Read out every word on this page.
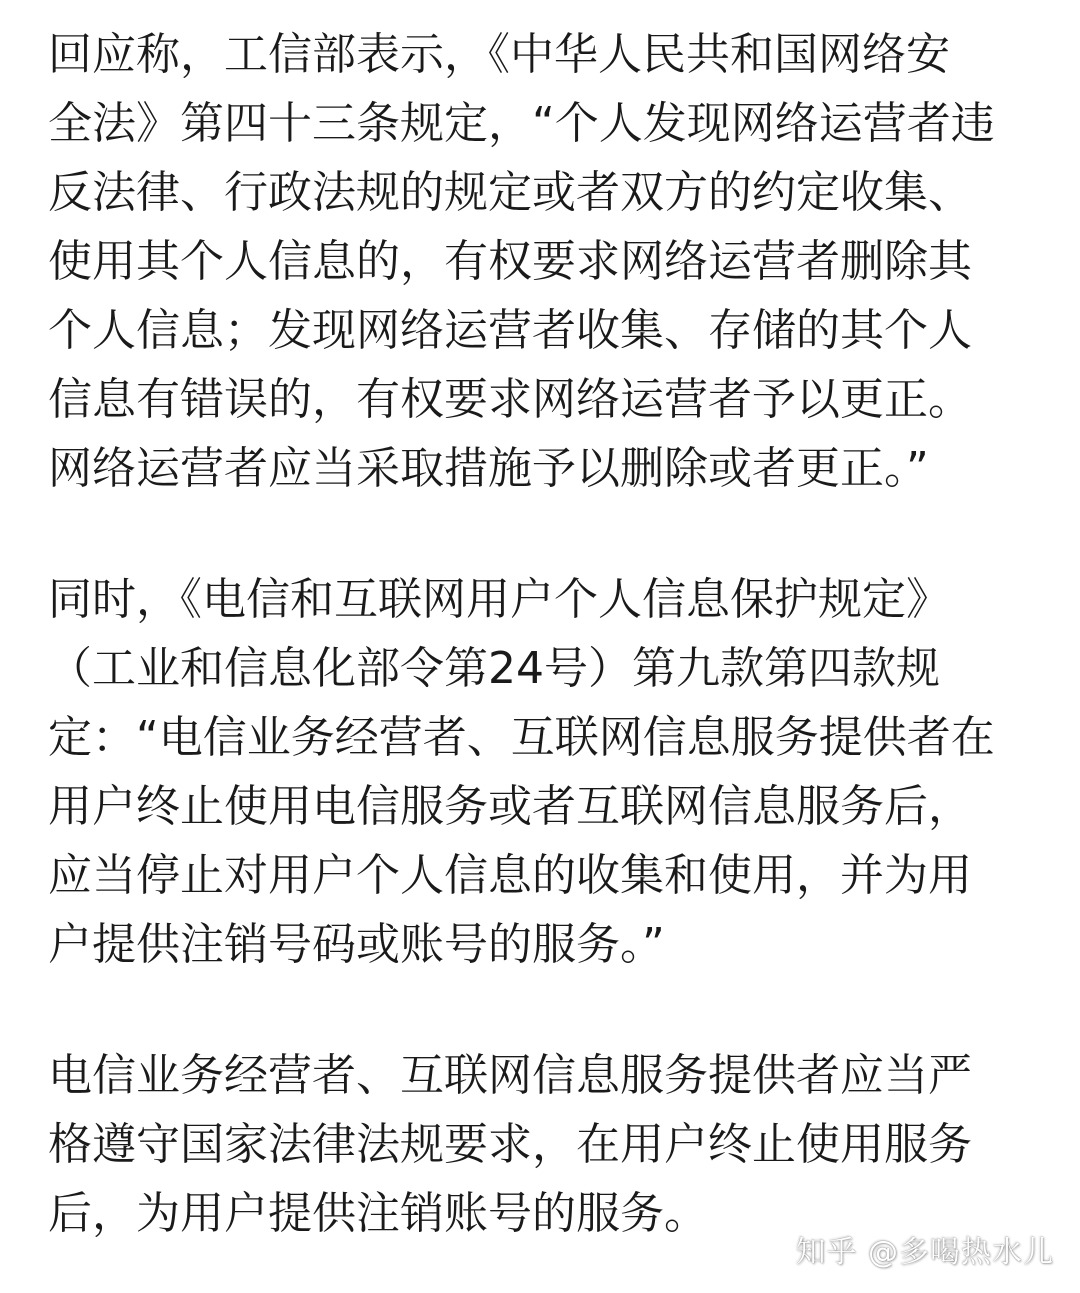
回应称，工信部表示，《中华人民共和国网络安
全法》第四十三条规定，“个人发现网络运营者违
反法律、行政法规的规定或者双方的约定收集、
使用其个人信息的，有权要求网络运营者删除其
个人信息；发现网络运营者收集、存储的其个人
信息有错误的，有权要求网络运营者予以更正。
网络运营者应当采取措施予以删除或者更正。”

同时，《电信和互联网用户个人信息保护规定》
（工业和信息化部令第24号）第九款第四款规
定：“电信业务经营者、互联网信息服务提供者在
用户终止使用电信服务或者互联网信息服务后，
应当停止对用户个人信息的收集和使用，并为用
户提供注销号码或账号的服务。”

电信业务经营者、互联网信息服务提供者应当严
格遵守国家法律法规要求，在用户终止使用服务
后，为用户提供注销账号的服务。

知乎 @多喝热水儿
